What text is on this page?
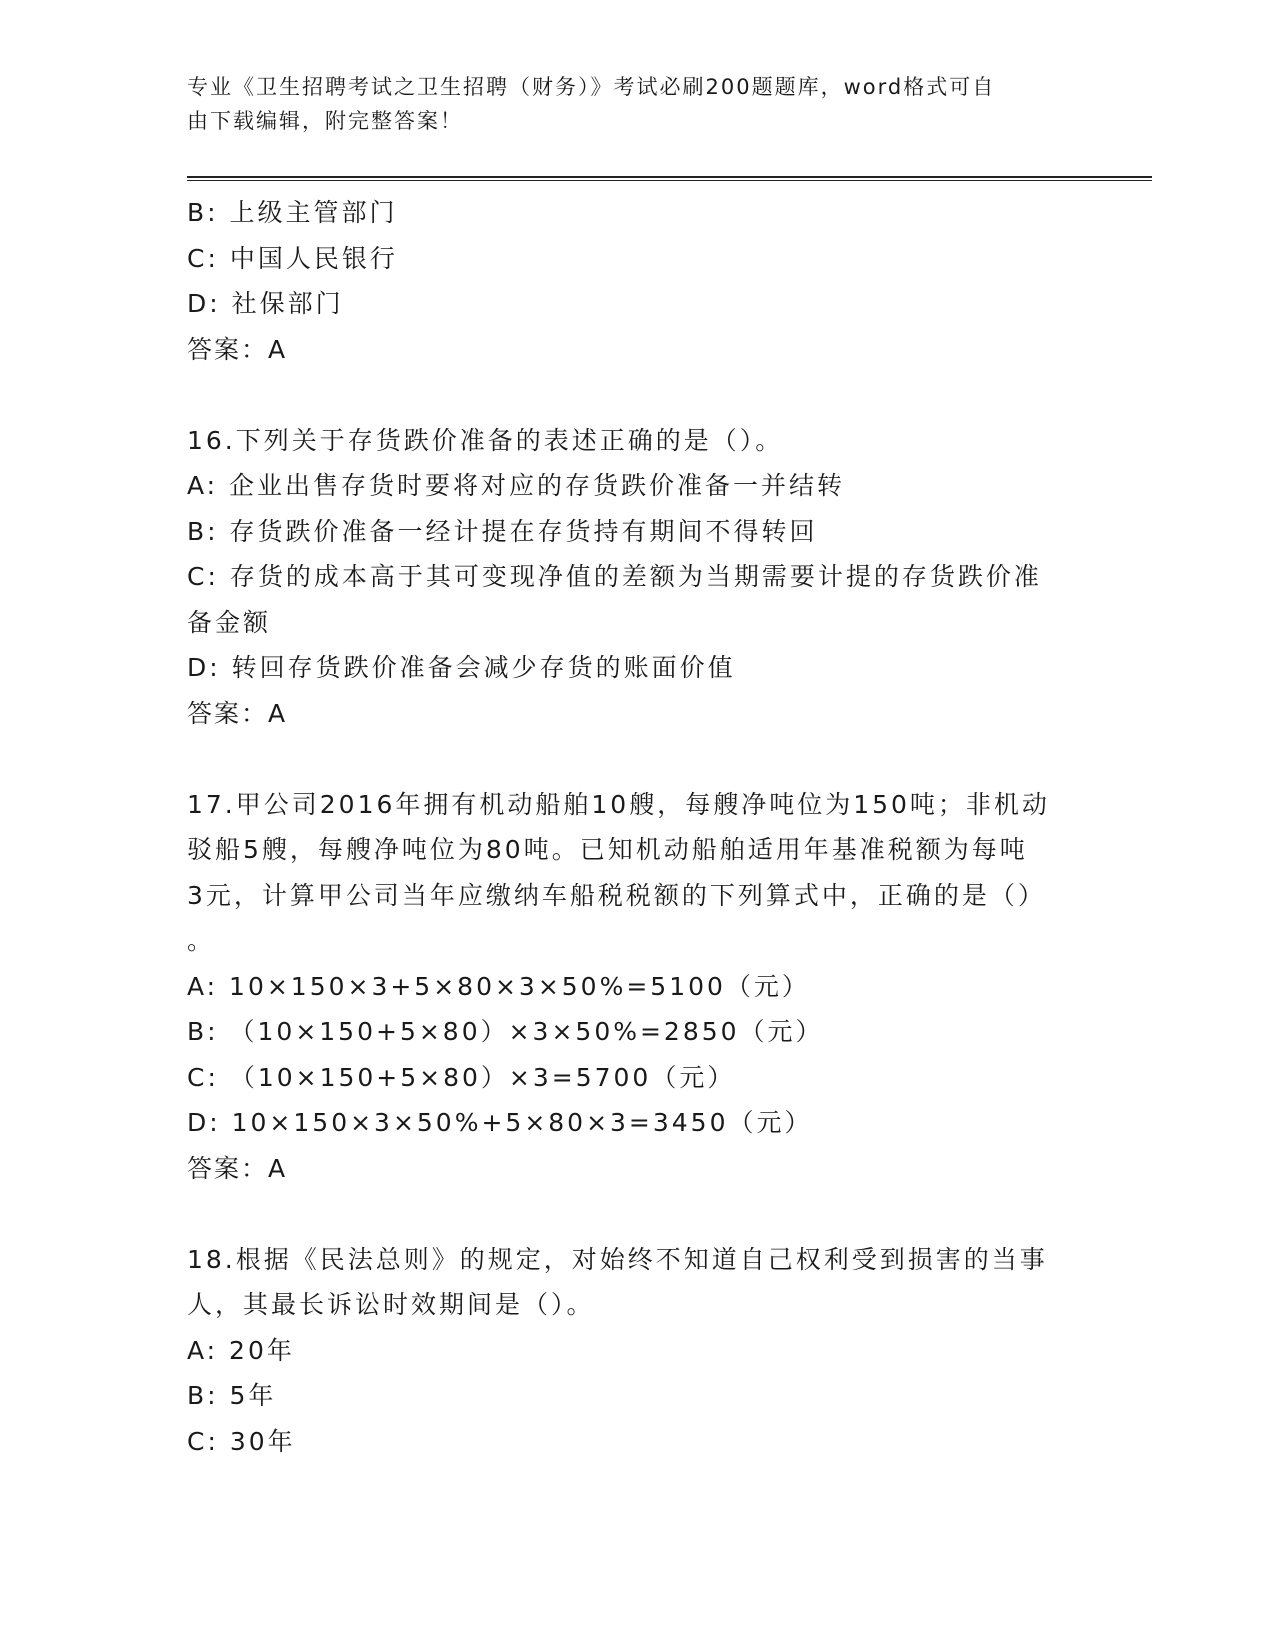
专业《卫生招聘考试之卫生招聘（财务）》考试必刷200题题库，word格式可自
由下载编辑，附完整答案！
B: 上级主管部门
C: 中国人民银行
D: 社保部门
答案：A
16.下列关于存货跌价准备的表述正确的是（）。
A: 企业出售存货时要将对应的存货跌价准备一并结转
B: 存货跌价准备一经计提在存货持有期间不得转回
C: 存货的成本高于其可变现净值的差额为当期需要计提的存货跌价准
备金额
D: 转回存货跌价准备会减少存货的账面价值
答案：A
17.甲公司2016年拥有机动船舶10艘，每艘净吨位为150吨；非机动
驳船5艘，每艘净吨位为80吨。已知机动船舶适用年基准税额为每吨
3元，计算甲公司当年应缴纳车船税税额的下列算式中，正确的是（）
。
A: 10×150×3+5×80×3×50%=5100（元）
B: （10×150+5×80）×3×50%=2850（元）
C: （10×150+5×80）×3=5700（元）
D: 10×150×3×50%+5×80×3=3450（元）
答案：A
18.根据《民法总则》的规定，对始终不知道自己权利受到损害的当事
人，其最长诉讼时效期间是（）。
A: 20年
B: 5年
C: 30年
